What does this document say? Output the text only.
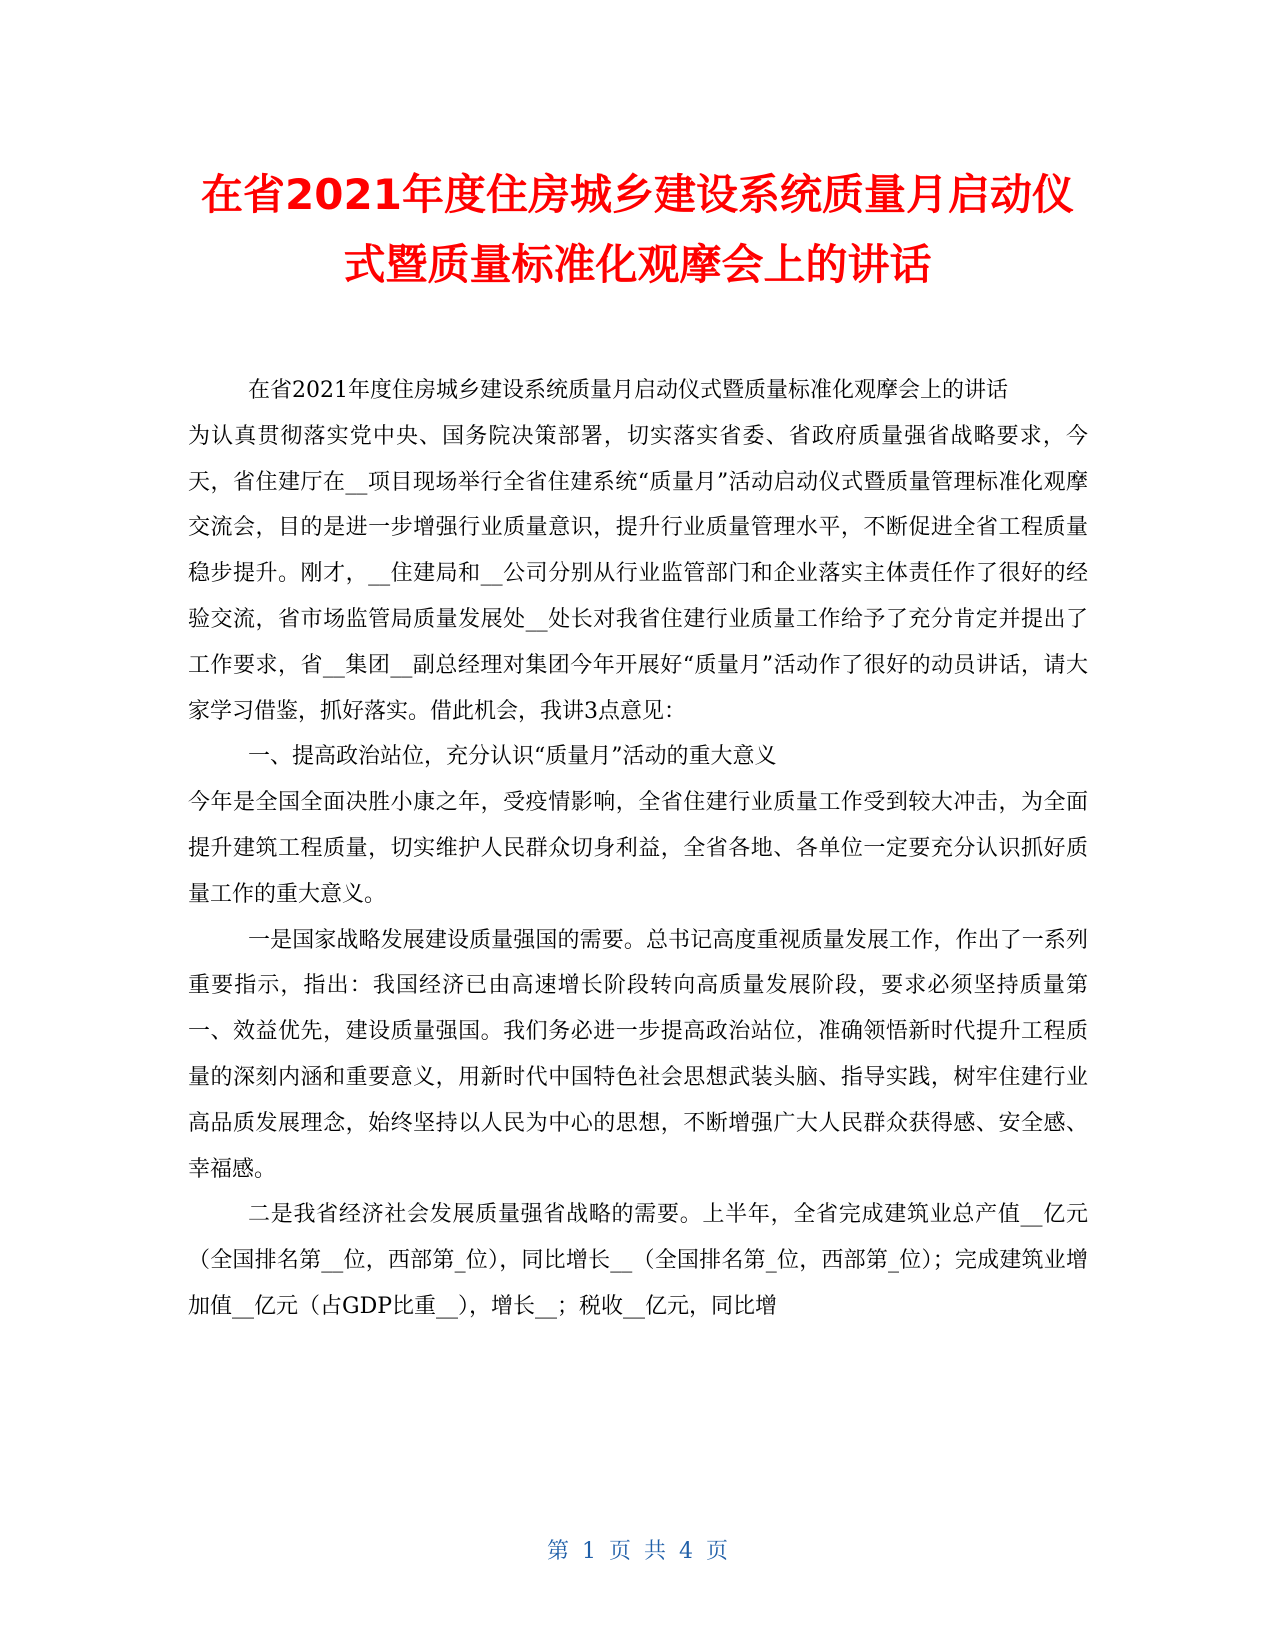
在省2021年度住房城乡建设系统质量月启动仪
式暨质量标准化观摩会上的讲话

在省2021年度住房城乡建设系统质量月启动仪式暨质量标准化观摩会上的讲话

为认真贯彻落实党中央、国务院决策部署，切实落实省委、省政府质量强省战略要求，今天，省住建厅在__项目现场举行全省住建系统“质量月”活动启动仪式暨质量管理标准化观摩交流会，目的是进一步增强行业质量意识，提升行业质量管理水平，不断促进全省工程质量稳步提升。刚才，__住建局和__公司分别从行业监管部门和企业落实主体责任作了很好的经验交流，省市场监管局质量发展处__处长对我省住建行业质量工作给予了充分肯定并提出了工作要求，省__集团__副总经理对集团今年开展好“质量月”活动作了很好的动员讲话，请大家学习借鉴，抓好落实。借此机会，我讲3点意见：

一、提高政治站位，充分认识“质量月”活动的重大意义

今年是全国全面决胜小康之年，受疫情影响，全省住建行业质量工作受到较大冲击，为全面提升建筑工程质量，切实维护人民群众切身利益，全省各地、各单位一定要充分认识抓好质量工作的重大意义。

一是国家战略发展建设质量强国的需要。总书记高度重视质量发展工作，作出了一系列重要指示，指出：我国经济已由高速增长阶段转向高质量发展阶段，要求必须坚持质量第一、效益优先，建设质量强国。我们务必进一步提高政治站位，准确领悟新时代提升工程质量的深刻内涵和重要意义，用新时代中国特色社会思想武装头脑、指导实践，树牢住建行业高品质发展理念，始终坚持以人民为中心的思想，不断增强广大人民群众获得感、安全感、幸福感。

二是我省经济社会发展质量强省战略的需要。上半年，全省完成建筑业总产值__亿元（全国排名第__位，西部第_位），同比增长__（全国排名第_位，西部第_位）；完成建筑业增加值__亿元（占GDP比重__），增长__；税收__亿元，同比增

第 1 页 共 4 页
